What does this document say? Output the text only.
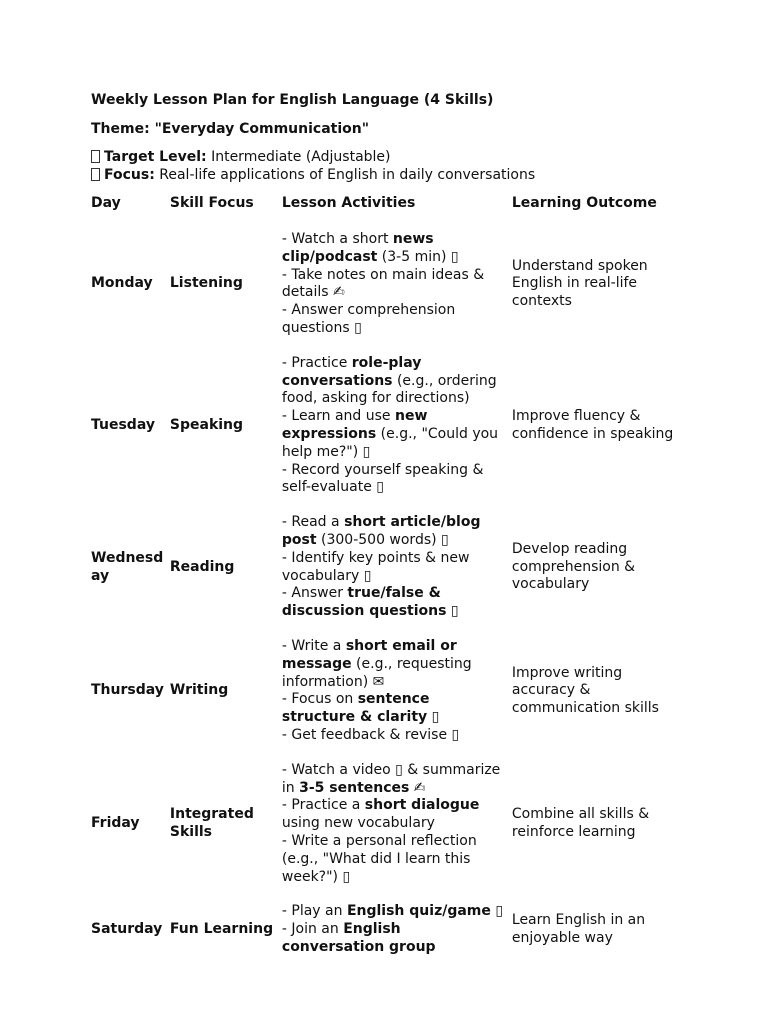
Weekly Lesson Plan for English Language (4 Skills)
Theme: "Everyday Communication"
Target Level: Intermediate (Adjustable)
Focus: Real-life applications of English in daily conversations
Day	Skill Focus	Lesson Activities	Learning Outcome
Monday	Listening	- Watch a short news clip/podcast (3-5 min) ▯
- Take notes on main ideas & details ✍
- Answer comprehension questions ▯	Understand spoken English in real-life contexts
Tuesday	Speaking	- Practice role-play conversations (e.g., ordering food, asking for directions)
- Learn and use new expressions (e.g., "Could you help me?") ▯
- Record yourself speaking & self-evaluate ▯	Improve fluency & confidence in speaking
Wednesday	Reading	- Read a short article/blog post (300-500 words) ▯
- Identify key points & new vocabulary ▯
- Answer true/false & discussion questions ▯	Develop reading comprehension & vocabulary
Thursday	Writing	- Write a short email or message (e.g., requesting information) ✉
- Focus on sentence structure & clarity ▯
- Get feedback & revise ▯	Improve writing accuracy & communication skills
Friday	Integrated Skills	- Watch a video ▯ & summarize in 3-5 sentences ✍
- Practice a short dialogue using new vocabulary
- Write a personal reflection (e.g., "What did I learn this week?") ▯	Combine all skills & reinforce learning
Saturday	Fun Learning	- Play an English quiz/game ▯
- Join an English conversation group	Learn English in an enjoyable way
